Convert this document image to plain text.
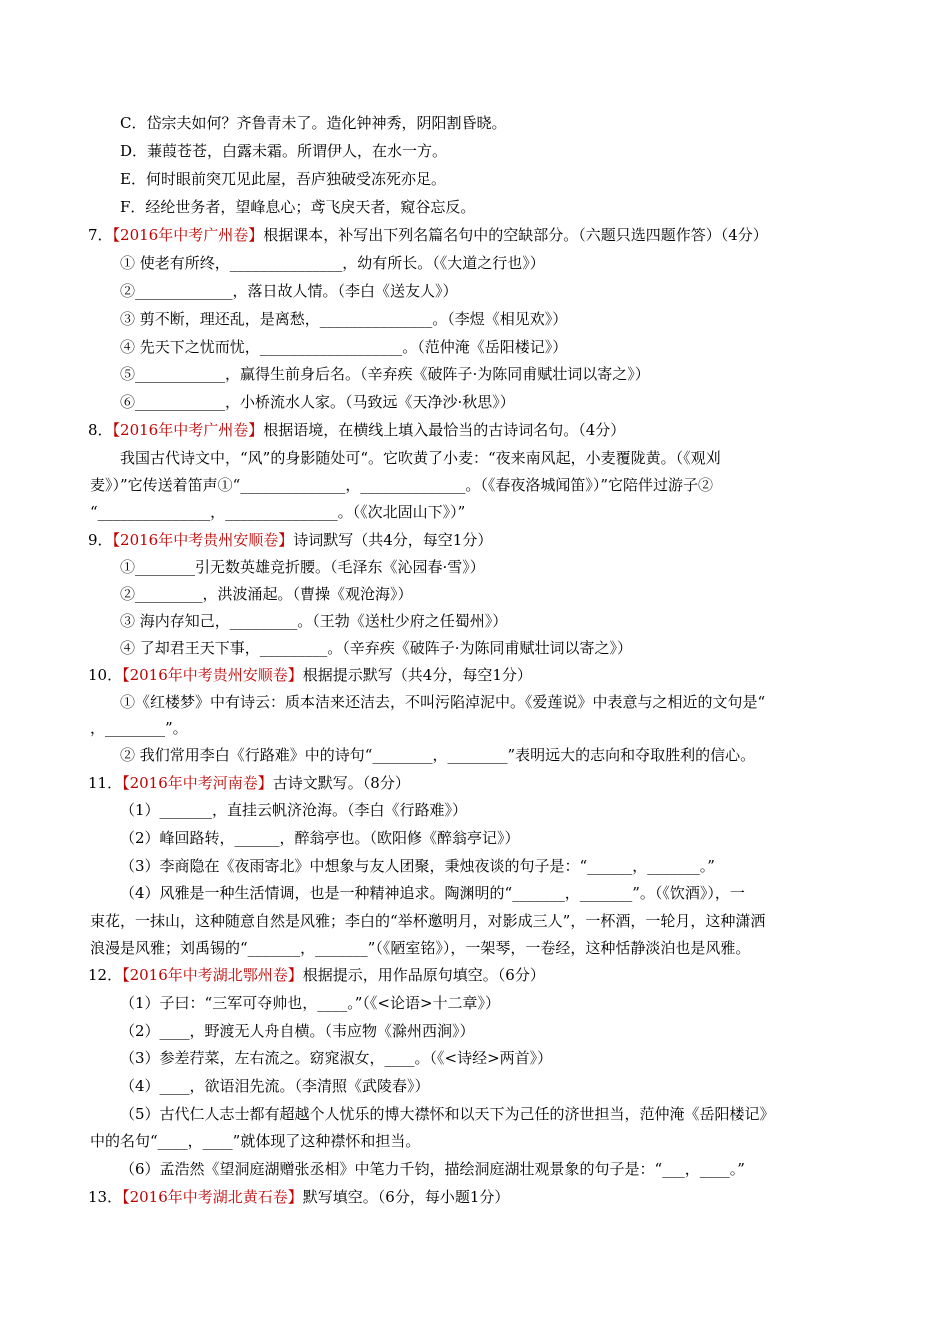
C．岱宗夫如何？齐鲁青未了。造化钟神秀，阴阳割昏晓。
D．蒹葭苍苍，白露未霜。所谓伊人，在水一方。
E．何时眼前突兀见此屋，吾庐独破受冻死亦足。
F．经纶世务者，望峰息心；鸢飞戾天者，窥谷忘反。
7．【2016年中考广州卷】根据课本，补写出下列名篇名句中的空缺部分。（六题只选四题作答）（4分）
① 使老有所终，_______________，幼有所长。（《大道之行也》）
②_____________，落日故人情。（李白《送友人》）
③ 剪不断，理还乱，是离愁，_______________。（李煜《相见欢》）
④ 先天下之忧而忧，___________________。（范仲淹《岳阳楼记》）
⑤____________，赢得生前身后名。（辛弃疾《破阵子·为陈同甫赋壮词以寄之》）
⑥____________，小桥流水人家。（马致远《天净沙·秋思》）
8．【2016年中考广州卷】根据语境，在横线上填入最恰当的古诗词名句。（4分）
我国古代诗文中，“风”的身影随处可“。它吹黄了小麦：“夜来南风起，小麦覆陇黄。（《观刈
麦》）”它传送着笛声①“______________，______________。（《春夜洛城闻笛》）”它陪伴过游子②
“_______________，_______________。（《次北固山下》）”
9．【2016年中考贵州安顺卷】诗词默写（共4分，每空1分）
①________引无数英雄竞折腰。（毛泽东《沁园春·雪》）
②_________，洪波涌起。（曹操《观沧海》）
③ 海内存知己，_________。（王勃《送杜少府之任蜀州》）
④ 了却君王天下事，_________。（辛弃疾《破阵子·为陈同甫赋壮词以寄之》）
10．【2016年中考贵州安顺卷】根据提示默写（共4分，每空1分）
①《红楼梦》中有诗云：质本洁来还洁去，不叫污陷淖泥中。《爱莲说》中表意与之相近的文句是“
，________”。
② 我们常用李白《行路难》中的诗句“________，________”表明远大的志向和夺取胜利的信心。
11．【2016年中考河南卷】古诗文默写。（8分）
（1）_______，直挂云帆济沧海。（李白《行路难》）
（2）峰回路转，______，醉翁亭也。（欧阳修《醉翁亭记》）
（3）李商隐在《夜雨寄北》中想象与友人团聚，秉烛夜谈的句子是：“______，_______。”
（4）风雅是一种生活情调，也是一种精神追求。陶渊明的“_______，_______”。（《饮酒》），一
束花，一抹山，这种随意自然是风雅；李白的“举杯邀明月，对影成三人”，一杯酒，一轮月，这种潇洒
浪漫是风雅；刘禹锡的“_______，_______”（《陋室铭》），一架琴，一卷经，这种恬静淡泊也是风雅。
12．【2016年中考湖北鄂州卷】根据提示，用作品原句填空。（6分）
（1）子曰：“三军可夺帅也，____。”（《<论语>十二章》）
（2）____，野渡无人舟自横。（韦应物《滁州西涧》）
（3）参差荇菜，左右流之。窈窕淑女，____。（《<诗经>两首》）
（4）____，欲语泪先流。（李清照《武陵春》）
（5）古代仁人志士都有超越个人忧乐的博大襟怀和以天下为己任的济世担当，范仲淹《岳阳楼记》
中的名句“____，____”就体现了这种襟怀和担当。
（6）孟浩然《望洞庭湖赠张丞相》中笔力千钧，描绘洞庭湖壮观景象的句子是：“___，____。”
13．【2016年中考湖北黄石卷】默写填空。（6分，每小题1分）
